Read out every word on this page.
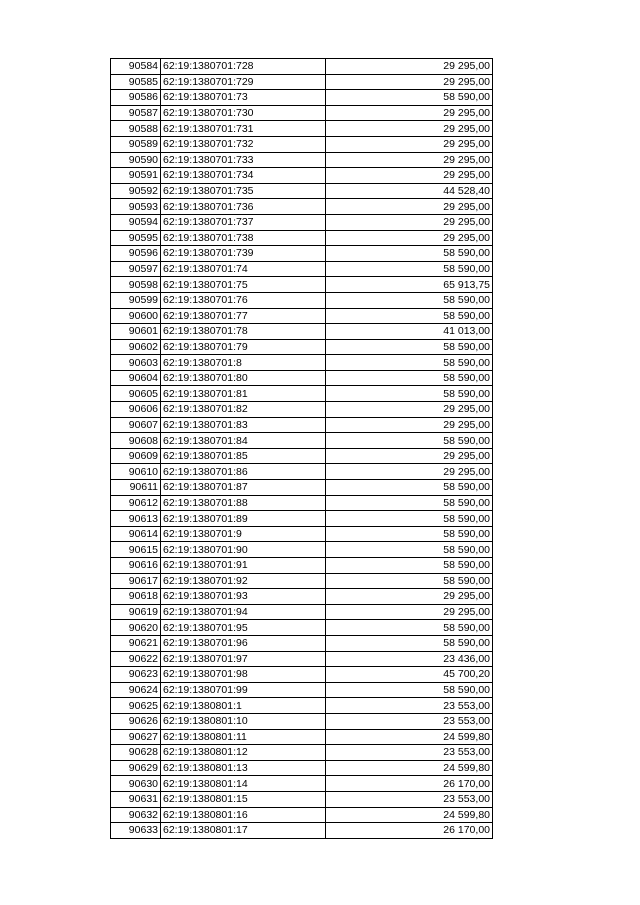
90584	62:19:1380701:728	29 295,00
90585	62:19:1380701:729	29 295,00
90586	62:19:1380701:73	58 590,00
90587	62:19:1380701:730	29 295,00
90588	62:19:1380701:731	29 295,00
90589	62:19:1380701:732	29 295,00
90590	62:19:1380701:733	29 295,00
90591	62:19:1380701:734	29 295,00
90592	62:19:1380701:735	44 528,40
90593	62:19:1380701:736	29 295,00
90594	62:19:1380701:737	29 295,00
90595	62:19:1380701:738	29 295,00
90596	62:19:1380701:739	58 590,00
90597	62:19:1380701:74	58 590,00
90598	62:19:1380701:75	65 913,75
90599	62:19:1380701:76	58 590,00
90600	62:19:1380701:77	58 590,00
90601	62:19:1380701:78	41 013,00
90602	62:19:1380701:79	58 590,00
90603	62:19:1380701:8	58 590,00
90604	62:19:1380701:80	58 590,00
90605	62:19:1380701:81	58 590,00
90606	62:19:1380701:82	29 295,00
90607	62:19:1380701:83	29 295,00
90608	62:19:1380701:84	58 590,00
90609	62:19:1380701:85	29 295,00
90610	62:19:1380701:86	29 295,00
90611	62:19:1380701:87	58 590,00
90612	62:19:1380701:88	58 590,00
90613	62:19:1380701:89	58 590,00
90614	62:19:1380701:9	58 590,00
90615	62:19:1380701:90	58 590,00
90616	62:19:1380701:91	58 590,00
90617	62:19:1380701:92	58 590,00
90618	62:19:1380701:93	29 295,00
90619	62:19:1380701:94	29 295,00
90620	62:19:1380701:95	58 590,00
90621	62:19:1380701:96	58 590,00
90622	62:19:1380701:97	23 436,00
90623	62:19:1380701:98	45 700,20
90624	62:19:1380701:99	58 590,00
90625	62:19:1380801:1	23 553,00
90626	62:19:1380801:10	23 553,00
90627	62:19:1380801:11	24 599,80
90628	62:19:1380801:12	23 553,00
90629	62:19:1380801:13	24 599,80
90630	62:19:1380801:14	26 170,00
90631	62:19:1380801:15	23 553,00
90632	62:19:1380801:16	24 599,80
90633	62:19:1380801:17	26 170,00
